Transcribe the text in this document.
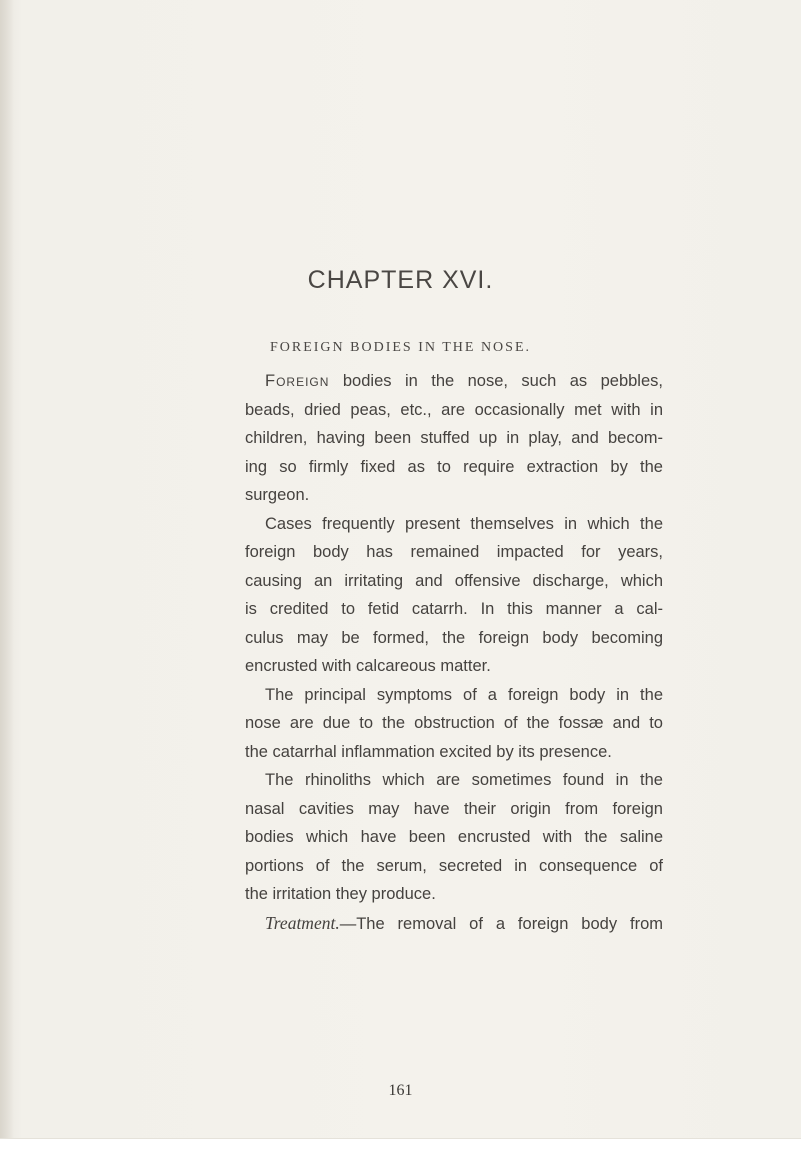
CHAPTER XVI.
FOREIGN BODIES IN THE NOSE.
Foreign bodies in the nose, such as pebbles,
beads, dried peas, etc., are occasionally met with in
children, having been stuffed up in play, and becom-
ing so firmly fixed as to require extraction by the
surgeon.
Cases frequently present themselves in which the
foreign body has remained impacted for years,
causing an irritating and offensive discharge, which
is credited to fetid catarrh. In this manner a cal-
culus may be formed, the foreign body becoming
encrusted with calcareous matter.
The principal symptoms of a foreign body in the
nose are due to the obstruction of the fossæ and to
the catarrhal inflammation excited by its presence.
The rhinoliths which are sometimes found in the
nasal cavities may have their origin from foreign
bodies which have been encrusted with the saline
portions of the serum, secreted in consequence of
the irritation they produce.
Treatment.—The removal of a foreign body from
161
